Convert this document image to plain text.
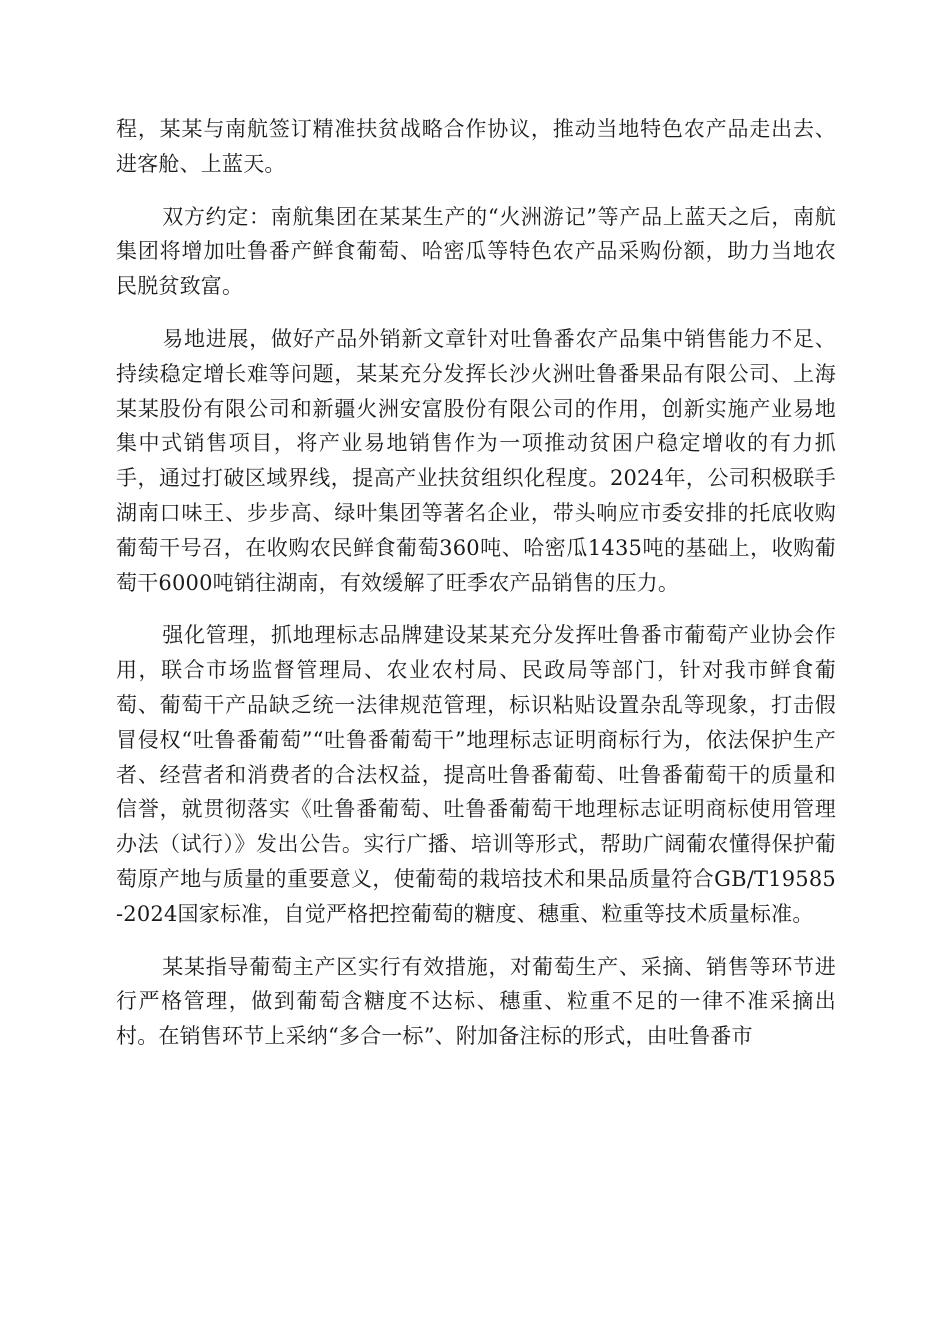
程，某某与南航签订精准扶贫战略合作协议，推动当地特色农产品走出去、进客舱、上蓝天。

双方约定：南航集团在某某生产的“火洲游记”等产品上蓝天之后，南航集团将增加吐鲁番产鲜食葡萄、哈密瓜等特色农产品采购份额，助力当地农民脱贫致富。

易地进展，做好产品外销新文章针对吐鲁番农产品集中销售能力不足、持续稳定增长难等问题，某某充分发挥长沙火洲吐鲁番果品有限公司、上海某某股份有限公司和新疆火洲安富股份有限公司的作用，创新实施产业易地集中式销售项目，将产业易地销售作为一项推动贫困户稳定增收的有力抓手，通过打破区域界线，提高产业扶贫组织化程度。2024年，公司积极联手湖南口味王、步步高、绿叶集团等著名企业，带头响应市委安排的托底收购葡萄干号召，在收购农民鲜食葡萄360吨、哈密瓜1435吨的基础上，收购葡萄干6000吨销往湖南，有效缓解了旺季农产品销售的压力。

强化管理，抓地理标志品牌建设某某充分发挥吐鲁番市葡萄产业协会作用，联合市场监督管理局、农业农村局、民政局等部门，针对我市鲜食葡萄、葡萄干产品缺乏统一法律规范管理，标识粘贴设置杂乱等现象，打击假冒侵权“吐鲁番葡萄”“吐鲁番葡萄干”地理标志证明商标行为，依法保护生产者、经营者和消费者的合法权益，提高吐鲁番葡萄、吐鲁番葡萄干的质量和信誉，就贯彻落实《吐鲁番葡萄、吐鲁番葡萄干地理标志证明商标使用管理办法（试行）》发出公告。实行广播、培训等形式，帮助广阔葡农懂得保护葡萄原产地与质量的重要意义，使葡萄的栽培技术和果品质量符合GB/T19585-2024国家标准，自觉严格把控葡萄的糖度、穗重、粒重等技术质量标准。

某某指导葡萄主产区实行有效措施，对葡萄生产、采摘、销售等环节进行严格管理，做到葡萄含糖度不达标、穗重、粒重不足的一律不准采摘出村。在销售环节上采纳“多合一标”、附加备注标的形式，由吐鲁番市
